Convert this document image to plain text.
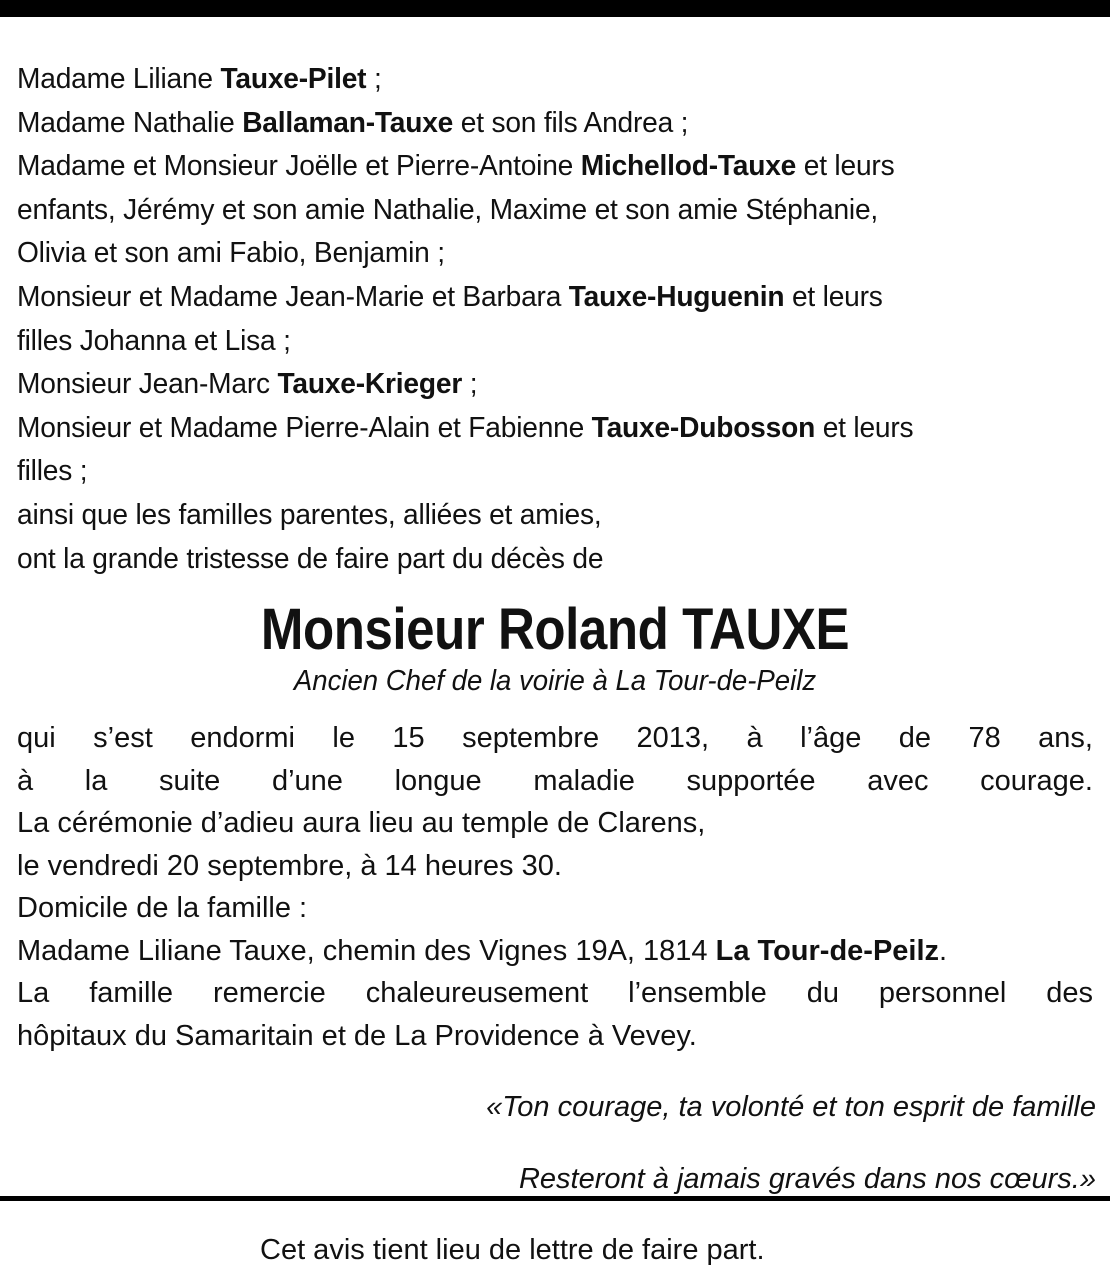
Madame Liliane Tauxe-Pilet ;

Madame Nathalie Ballaman-Tauxe et son fils Andrea ;

Madame et Monsieur Joëlle et Pierre-Antoine Michellod-Tauxe et leurs

enfants, Jérémy et son amie Nathalie, Maxime et son amie Stéphanie,

Olivia et son ami Fabio, Benjamin ;

Monsieur et Madame Jean-Marie et Barbara Tauxe-Huguenin et leurs

filles Johanna et Lisa ;

Monsieur Jean-Marc Tauxe-Krieger ;

Monsieur et Madame Pierre-Alain et Fabienne Tauxe-Dubosson et leurs

filles ;

ainsi que les familles parentes, alliées et amies,

ont la grande tristesse de faire part du décès de

Monsieur Roland TAUXE
Ancien Chef de la voirie à La Tour-de-Peilz

qui s’est endormi le 15 septembre 2013, à l’âge de 78 ans,

à la suite d’une longue maladie supportée avec courage.

La cérémonie d’adieu aura lieu au temple de Clarens,

le vendredi 20 septembre, à 14 heures 30.

Domicile de la famille :

Madame Liliane Tauxe, chemin des Vignes 19A, 1814 La Tour-de-Peilz.

La famille remercie chaleureusement l’ensemble du personnel des

hôpitaux du Samaritain et de La Providence à Vevey.

«Ton courage, ta volonté et ton esprit de famille

Resteront à jamais gravés dans nos cœurs.»

Cet avis tient lieu de lettre de faire part.
